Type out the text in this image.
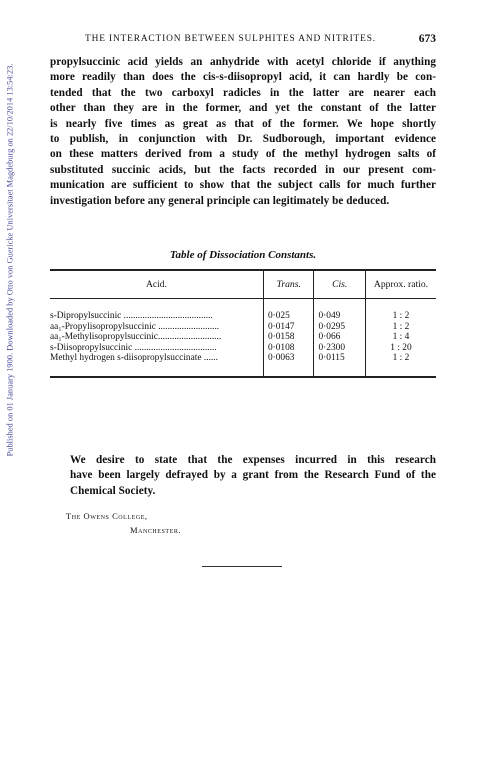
Published on 01 January 1900. Downloaded by Otto von Guericke Universitaet Magdeburg on 22/10/2014 13:54:23.
THE INTERACTION BETWEEN SULPHITES AND NITRITES.	673

propylsuccinic acid yields an anhydride with acetyl chloride if anything
more readily than does the cis-s-diisopropyl acid, it can hardly be con-
tended that the two carboxyl radicles in the latter are nearer each
other than they are in the former, and yet the constant of the latter
is nearly five times as great as that of the former. We hope shortly
to publish, in conjunction with Dr. Sudborough, important evidence
on these matters derived from a study of the methyl hydrogen salts of
substituted succinic acids, but the facts recorded in our present com-
munication are sufficient to show that the subject calls for much further
investigation before any general principle can legitimately be deduced.

Table of Dissociation Constants.
Acid.	Trans.	Cis.	Approx. ratio.
s-Dipropylsuccinic ......................................	0·025	0·049	1 : 2
aa₁-Propylisopropylsuccinic ..........................	0·0147	0·0295	1 : 2
aa₁-Methylisopropylsuccinic...........................	0·0158	0·066	1 : 4
s-Diisopropylsuccinic ...................................	0·0108	0·2300	1 : 20
Methyl hydrogen s-diisopropylsuccinate ......	0·0063	0·0115	1 : 2

We desire to state that the expenses incurred in this research
have been largely defrayed by a grant from the Research Fund of the
Chemical Society.

The Owens College,
Manchester.
